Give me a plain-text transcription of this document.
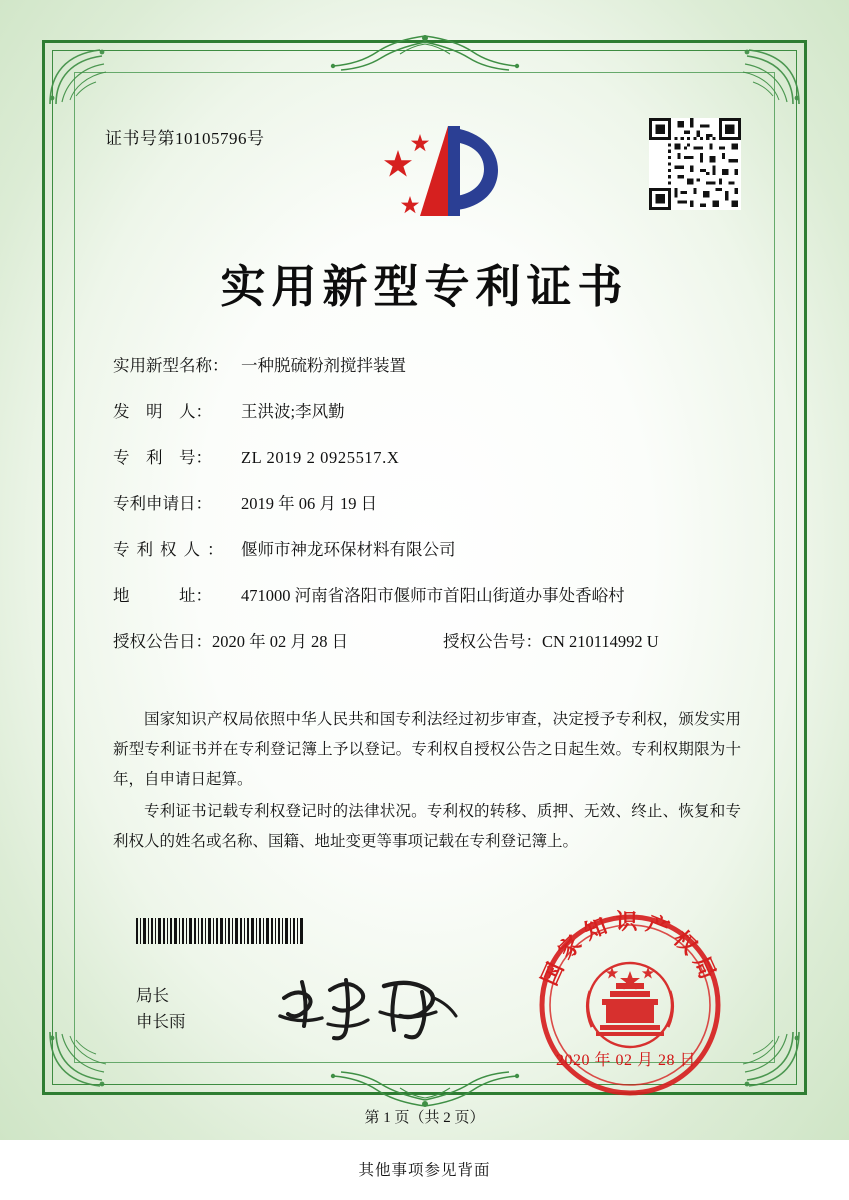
证书号第10105796号
实用新型专利证书
实用新型名称： 一种脱硫粉剂搅拌装置
发　明　人：	王洪波;李风勤
专　利　号：	ZL 2019 2 0925517.X
专利申请日：	2019 年 06 月 19 日
专利权人： 偃师市神龙环保材料有限公司
地　　　址：	471000 河南省洛阳市偃师市首阳山街道办事处香峪村
授权公告日：2020 年 02 月 28 日	授权公告号：CN 210114992 U

国家知识产权局依照中华人民共和国专利法经过初步审查，决定授予专利权，颁发实用新型专利证书并在专利登记簿上予以登记。专利权自授权公告之日起生效。专利权期限为十年，自申请日起算。

专利证书记载专利权登记时的法律状况。专利权的转移、质押、无效、终止、恢复和专利权人的姓名或名称、国籍、地址变更等事项记载在专利登记簿上。

局长
申长雨
国家知识产权局
2020 年 02 月 28 日
第 1 页（共 2 页）
其他事项参见背面
